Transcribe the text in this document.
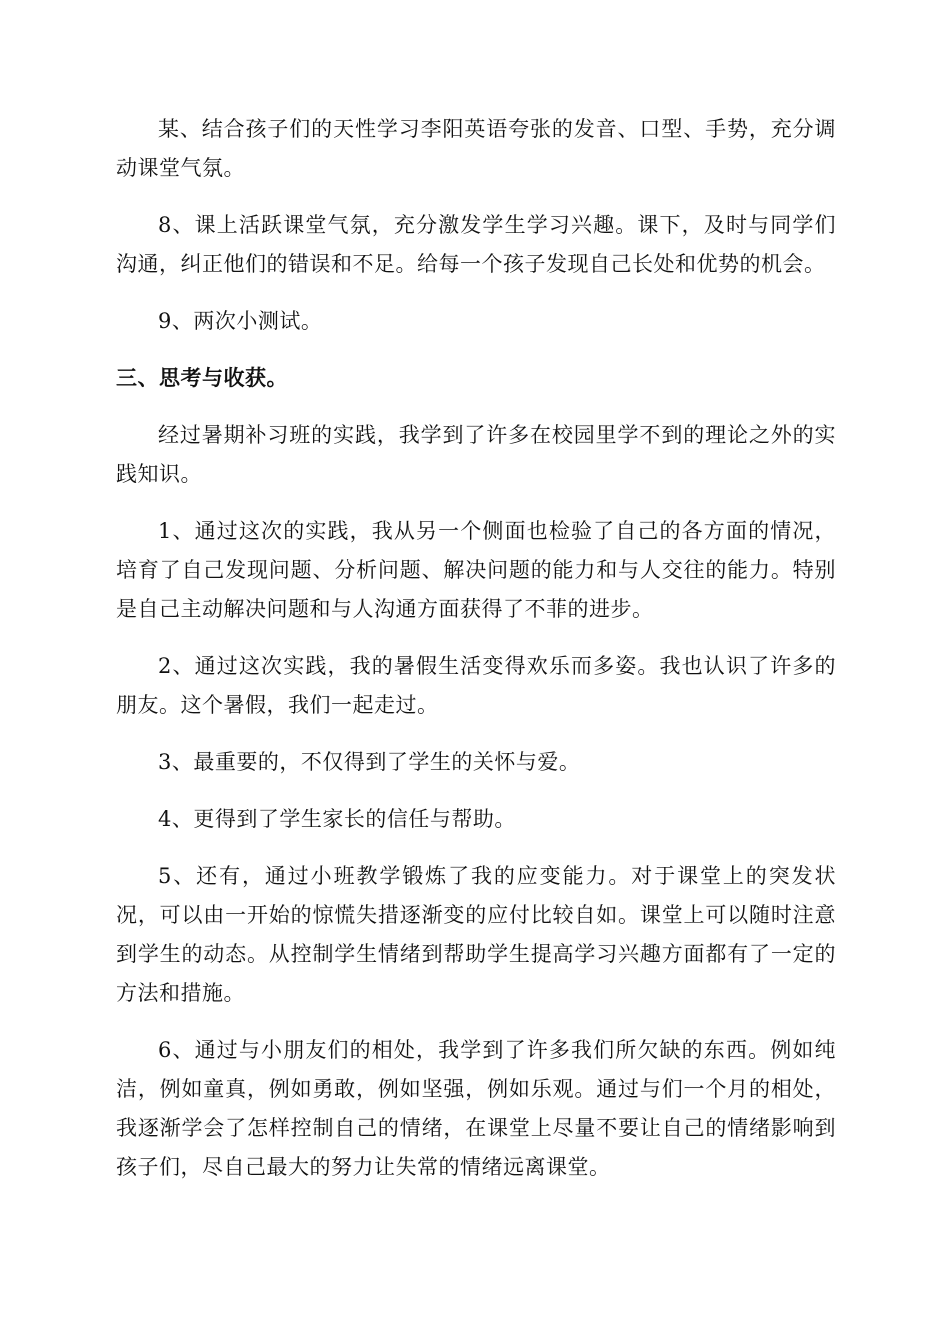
某、结合孩子们的天性学习李阳英语夸张的发音、口型、手势，充分调动课堂气氛。

8、课上活跃课堂气氛，充分激发学生学习兴趣。课下，及时与同学们沟通，纠正他们的错误和不足。给每一个孩子发现自己长处和优势的机会。

9、两次小测试。

三、思考与收获。

经过暑期补习班的实践，我学到了许多在校园里学不到的理论之外的实践知识。

1、通过这次的实践，我从另一个侧面也检验了自己的各方面的情况，培育了自己发现问题、分析问题、解决问题的能力和与人交往的能力。特别是自己主动解决问题和与人沟通方面获得了不菲的进步。

2、通过这次实践，我的暑假生活变得欢乐而多姿。我也认识了许多的朋友。这个暑假，我们一起走过。

3、最重要的，不仅得到了学生的关怀与爱。

4、更得到了学生家长的信任与帮助。

5、还有，通过小班教学锻炼了我的应变能力。对于课堂上的突发状况，可以由一开始的惊慌失措逐渐变的应付比较自如。课堂上可以随时注意到学生的动态。从控制学生情绪到帮助学生提高学习兴趣方面都有了一定的方法和措施。

6、通过与小朋友们的相处，我学到了许多我们所欠缺的东西。例如纯洁，例如童真，例如勇敢，例如坚强，例如乐观。通过与们一个月的相处，我逐渐学会了怎样控制自己的情绪，在课堂上尽量不要让自己的情绪影响到孩子们，尽自己最大的努力让失常的情绪远离课堂。
